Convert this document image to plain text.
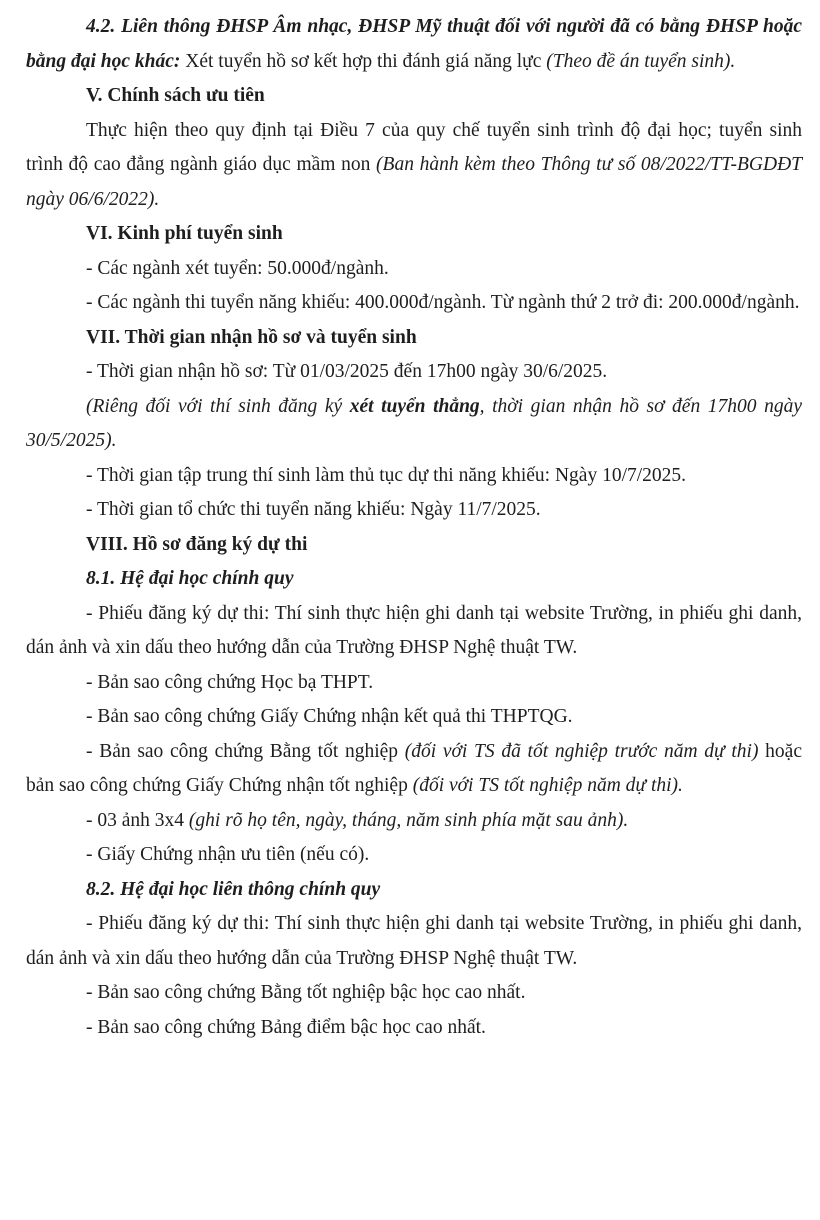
4.2. Liên thông ĐHSP Âm nhạc, ĐHSP Mỹ thuật đối với người đã có bằng ĐHSP hoặc bằng đại học khác: Xét tuyển hồ sơ kết hợp thi đánh giá năng lực (Theo đề án tuyển sinh).

V. Chính sách ưu tiên

Thực hiện theo quy định tại Điều 7 của quy chế tuyển sinh trình độ đại học; tuyển sinh trình độ cao đẳng ngành giáo dục mầm non (Ban hành kèm theo Thông tư số 08/2022/TT-BGDĐT ngày 06/6/2022).

VI. Kinh phí tuyển sinh

- Các ngành xét tuyển: 50.000đ/ngành.

- Các ngành thi tuyển năng khiếu: 400.000đ/ngành. Từ ngành thứ 2 trở đi: 200.000đ/ngành.

VII. Thời gian nhận hồ sơ và tuyển sinh

- Thời gian nhận hồ sơ: Từ 01/03/2025 đến 17h00 ngày 30/6/2025.

(Riêng đối với thí sinh đăng ký xét tuyển thẳng, thời gian nhận hồ sơ đến 17h00 ngày 30/5/2025).

- Thời gian tập trung thí sinh làm thủ tục dự thi năng khiếu: Ngày 10/7/2025.

- Thời gian tổ chức thi tuyển năng khiếu: Ngày 11/7/2025.

VIII. Hồ sơ đăng ký dự thi

8.1. Hệ đại học chính quy

- Phiếu đăng ký dự thi: Thí sinh thực hiện ghi danh tại website Trường, in phiếu ghi danh, dán ảnh và xin dấu theo hướng dẫn của Trường ĐHSP Nghệ thuật TW.

- Bản sao công chứng Học bạ THPT.

- Bản sao công chứng Giấy Chứng nhận kết quả thi THPTQG.

- Bản sao công chứng Bằng tốt nghiệp (đối với TS đã tốt nghiệp trước năm dự thi) hoặc bản sao công chứng Giấy Chứng nhận tốt nghiệp (đối với TS tốt nghiệp năm dự thi).

- 03 ảnh 3x4 (ghi rõ họ tên, ngày, tháng, năm sinh phía mặt sau ảnh).

- Giấy Chứng nhận ưu tiên (nếu có).

8.2. Hệ đại học liên thông chính quy

- Phiếu đăng ký dự thi: Thí sinh thực hiện ghi danh tại website Trường, in phiếu ghi danh, dán ảnh và xin dấu theo hướng dẫn của Trường ĐHSP Nghệ thuật TW.

- Bản sao công chứng Bằng tốt nghiệp bậc học cao nhất.

- Bản sao công chứng Bảng điểm bậc học cao nhất.
